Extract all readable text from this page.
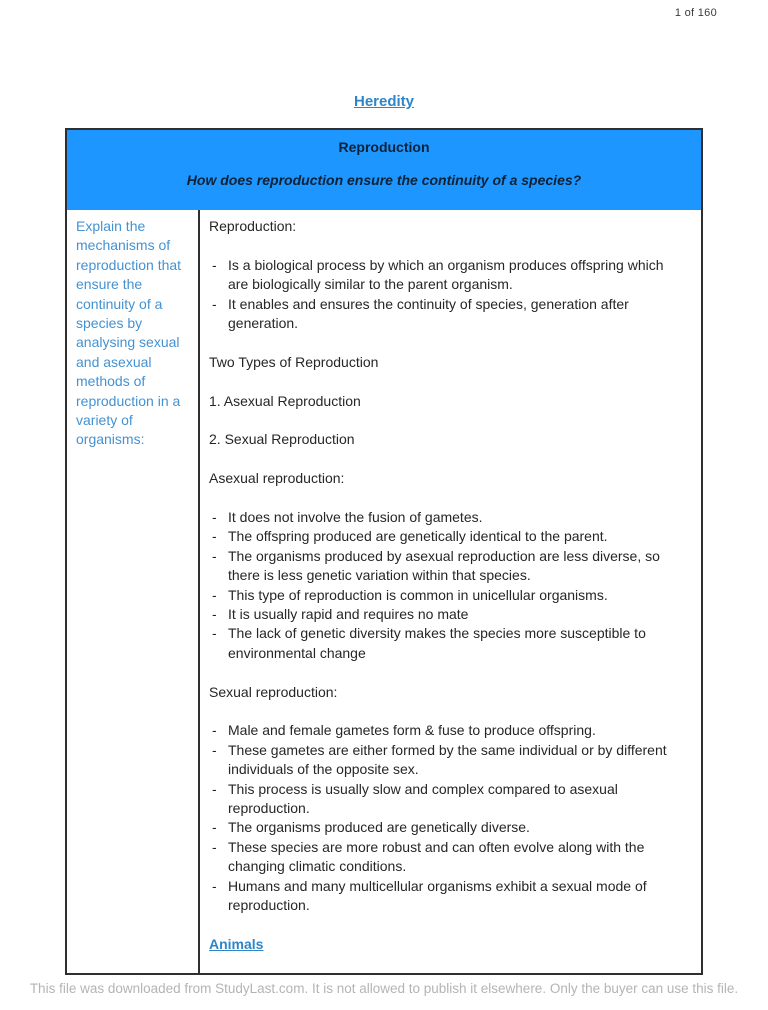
1 of 160
Heredity
Reproduction
How does reproduction ensure the continuity of a species?
Explain the mechanisms of reproduction that ensure the continuity of a species by analysing sexual and asexual methods of reproduction in a variety of organisms:
Reproduction:
- Is a biological process by which an organism produces offspring which are biologically similar to the parent organism.
- It enables and ensures the continuity of species, generation after generation.
Two Types of Reproduction
1. Asexual Reproduction
2. Sexual Reproduction
Asexual reproduction:
- It does not involve the fusion of gametes.
- The offspring produced are genetically identical to the parent.
- The organisms produced by asexual reproduction are less diverse, so there is less genetic variation within that species.
- This type of reproduction is common in unicellular organisms.
- It is usually rapid and requires no mate
- The lack of genetic diversity makes the species more susceptible to environmental change
Sexual reproduction:
- Male and female gametes form & fuse to produce offspring.
- These gametes are either formed by the same individual or by different individuals of the opposite sex.
- This process is usually slow and complex compared to asexual reproduction.
- The organisms produced are genetically diverse.
- These species are more robust and can often evolve along with the changing climatic conditions.
- Humans and many multicellular organisms exhibit a sexual mode of reproduction.
Animals
This file was downloaded from StudyLast.com. It is not allowed to publish it elsewhere. Only the buyer can use this file.
